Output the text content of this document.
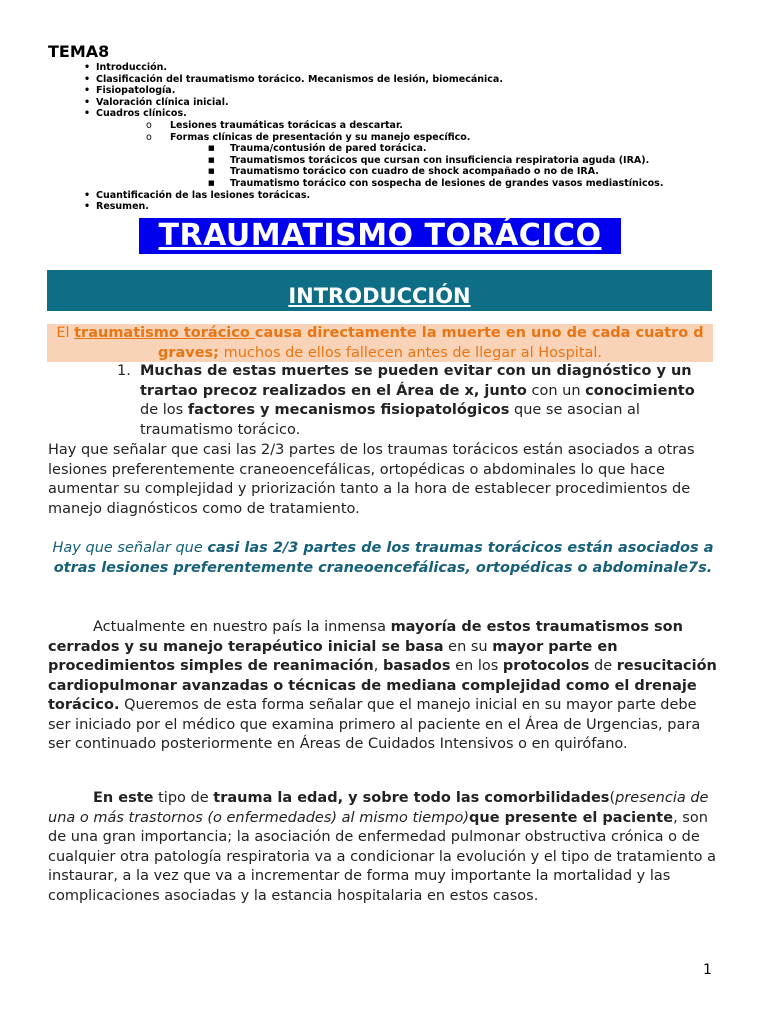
TEMA8
• Introducción.
• Clasificación del traumatismo torácico. Mecanismos de lesión, biomecánica.
• Fisiopatología.
• Valoración clínica inicial.
• Cuadros clínicos.
o Lesiones traumáticas torácicas a descartar.
o Formas clínicas de presentación y su manejo específico.
■ Trauma/contusión de pared torácica.
■ Traumatismos torácicos que cursan con insuficiencia respiratoria aguda (IRA).
■ Traumatismo torácico con cuadro de shock acompañado o no de IRA.
■ Traumatismo torácico con sospecha de lesiones de grandes vasos mediastínicos.
• Cuantificación de las lesiones torácicas.
• Resumen.
TRAUMATISMO TORÁCICO
INTRODUCCIÓN
El traumatismo torácico causa directamente la muerte en uno de cada cuatro d graves; muchos de ellos fallecen antes de llegar al Hospital.
1. Muchas de estas muertes se pueden evitar con un diagnóstico y un trartao precoz realizados en el Área de x, junto con un conocimiento de los factores y mecanismos fisiopatológicos que se asocian al traumatismo torácico.
Hay que señalar que casi las 2/3 partes de los traumas torácicos están asociados a otras lesiones preferentemente craneoencefálicas, ortopédicas o abdominales lo que hace aumentar su complejidad y priorización tanto a la hora de establecer procedimientos de manejo diagnósticos como de tratamiento.
Hay que señalar que casi las 2/3 partes de los traumas torácicos están asociados a otras lesiones preferentemente craneoencefálicas, ortopédicas o abdominale7s.
Actualmente en nuestro país la inmensa mayoría de estos traumatismos son cerrados y su manejo terapéutico inicial se basa en su mayor parte en procedimientos simples de reanimación, basados en los protocolos de resucitación cardiopulmonar avanzadas o técnicas de mediana complejidad como el drenaje torácico. Queremos de esta forma señalar que el manejo inicial en su mayor parte debe ser iniciado por el médico que examina primero al paciente en el Área de Urgencias, para ser continuado posteriormente en Áreas de Cuidados Intensivos o en quirófano.
En este tipo de trauma la edad, y sobre todo las comorbilidades(presencia de una o más trastornos (o enfermedades) al mismo tiempo)que presente el paciente, son de una gran importancia; la asociación de enfermedad pulmonar obstructiva crónica o de cualquier otra patología respiratoria va a condicionar la evolución y el tipo de tratamiento a instaurar, a la vez que va a incrementar de forma muy importante la mortalidad y las complicaciones asociadas y la estancia hospitalaria en estos casos.
1
